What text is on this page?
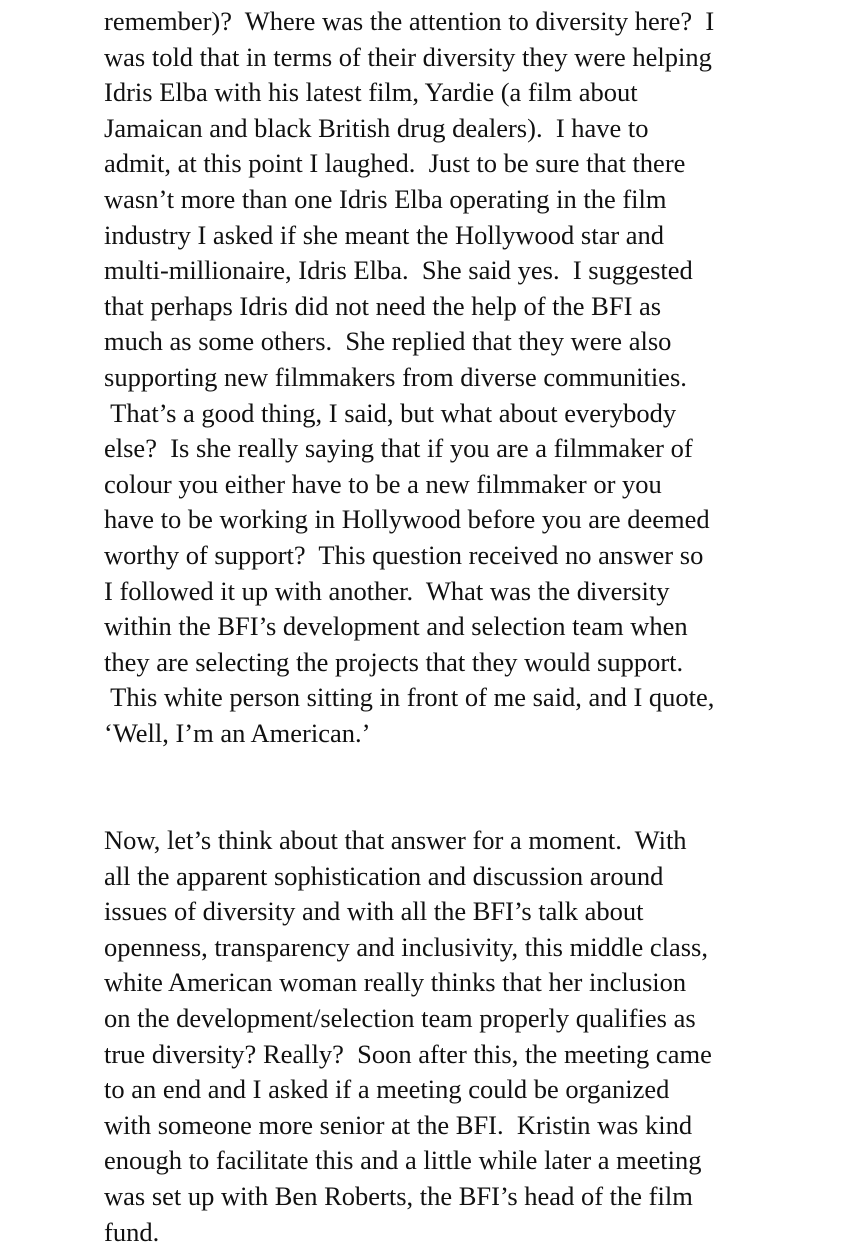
remember)?  Where was the attention to diversity here?  I
was told that in terms of their diversity they were helping
Idris Elba with his latest film, Yardie (a film about
Jamaican and black British drug dealers).  I have to
admit, at this point I laughed.  Just to be sure that there
wasn’t more than one Idris Elba operating in the film
industry I asked if she meant the Hollywood star and
multi-millionaire, Idris Elba.  She said yes.  I suggested
that perhaps Idris did not need the help of the BFI as
much as some others.  She replied that they were also
supporting new filmmakers from diverse communities.
That’s a good thing, I said, but what about everybody
else?  Is she really saying that if you are a filmmaker of
colour you either have to be a new filmmaker or you
have to be working in Hollywood before you are deemed
worthy of support?  This question received no answer so
I followed it up with another.  What was the diversity
within the BFI’s development and selection team when
they are selecting the projects that they would support.
This white person sitting in front of me said, and I quote,
‘Well, I’m an American.’
Now, let’s think about that answer for a moment.  With
all the apparent sophistication and discussion around
issues of diversity and with all the BFI’s talk about
openness, transparency and inclusivity, this middle class,
white American woman really thinks that her inclusion
on the development/selection team properly qualifies as
true diversity? Really?  Soon after this, the meeting came
to an end and I asked if a meeting could be organized
with someone more senior at the BFI.  Kristin was kind
enough to facilitate this and a little while later a meeting
was set up with Ben Roberts, the BFI’s head of the film
fund.
